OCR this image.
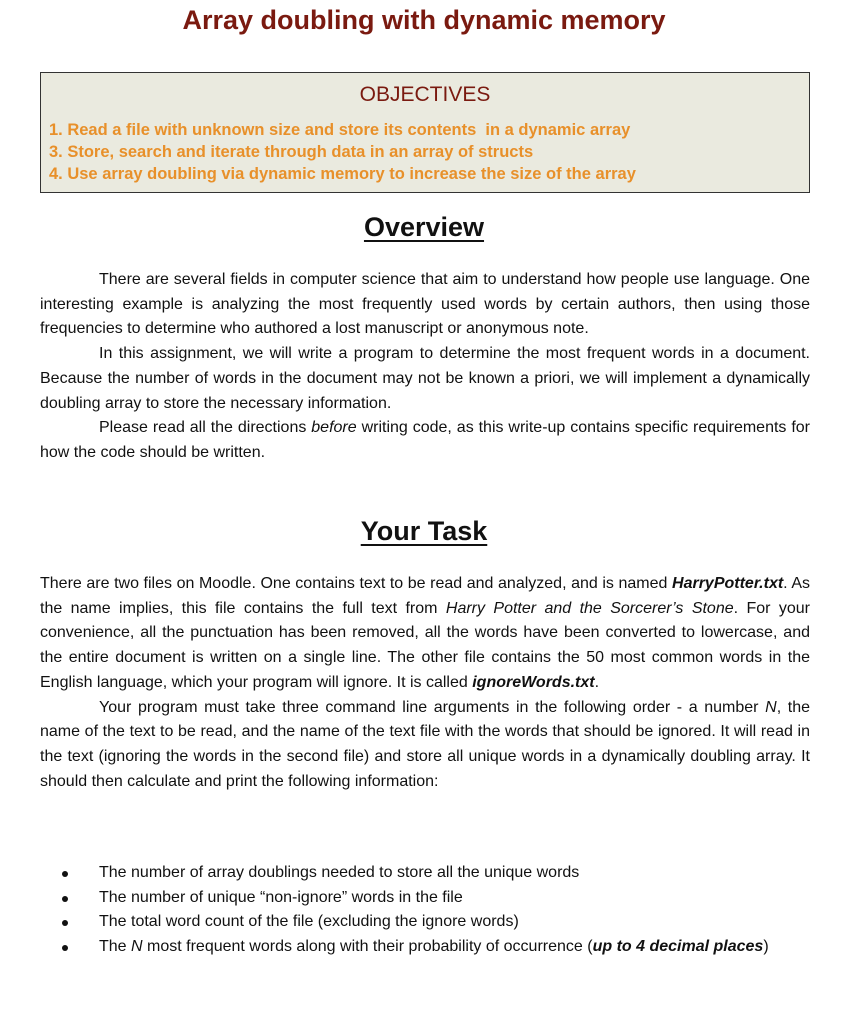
Array doubling with dynamic memory
OBJECTIVES
1. Read a file with unknown size and store its contents  in a dynamic array
3. Store, search and iterate through data in an array of structs
4. Use array doubling via dynamic memory to increase the size of the array
Overview

There are several fields in computer science that aim to understand how people use language. One interesting example is analyzing the most frequently used words by certain authors, then using those frequencies to determine who authored a lost manuscript or anonymous note.

In this assignment, we will write a program to determine the most frequent words in a document. Because the number of words in the document may not be known a priori, we will implement a dynamically doubling array to store the necessary information.

Please read all the directions before writing code, as this write-up contains specific requirements for how the code should be written.

Your Task

There are two files on Moodle. One contains text to be read and analyzed, and is named HarryPotter.txt. As the name implies, this file contains the full text from Harry Potter and the Sorcerer’s Stone. For your convenience, all the punctuation has been removed, all the words have been converted to lowercase, and the entire document is written on a single line. The other file contains the 50 most common words in the English language, which your program will ignore. It is called ignoreWords.txt.

Your program must take three command line arguments in the following order - a number N, the name of the text to be read, and the name of the text file with the words that should be ignored. It will read in the text (ignoring the words in the second file) and store all unique words in a dynamically doubling array. It should then calculate and print the following information:

The number of array doublings needed to store all the unique words
The number of unique “non-ignore” words in the file
The total word count of the file (excluding the ignore words)
The N most frequent words along with their probability of occurrence (up to 4 decimal places)
